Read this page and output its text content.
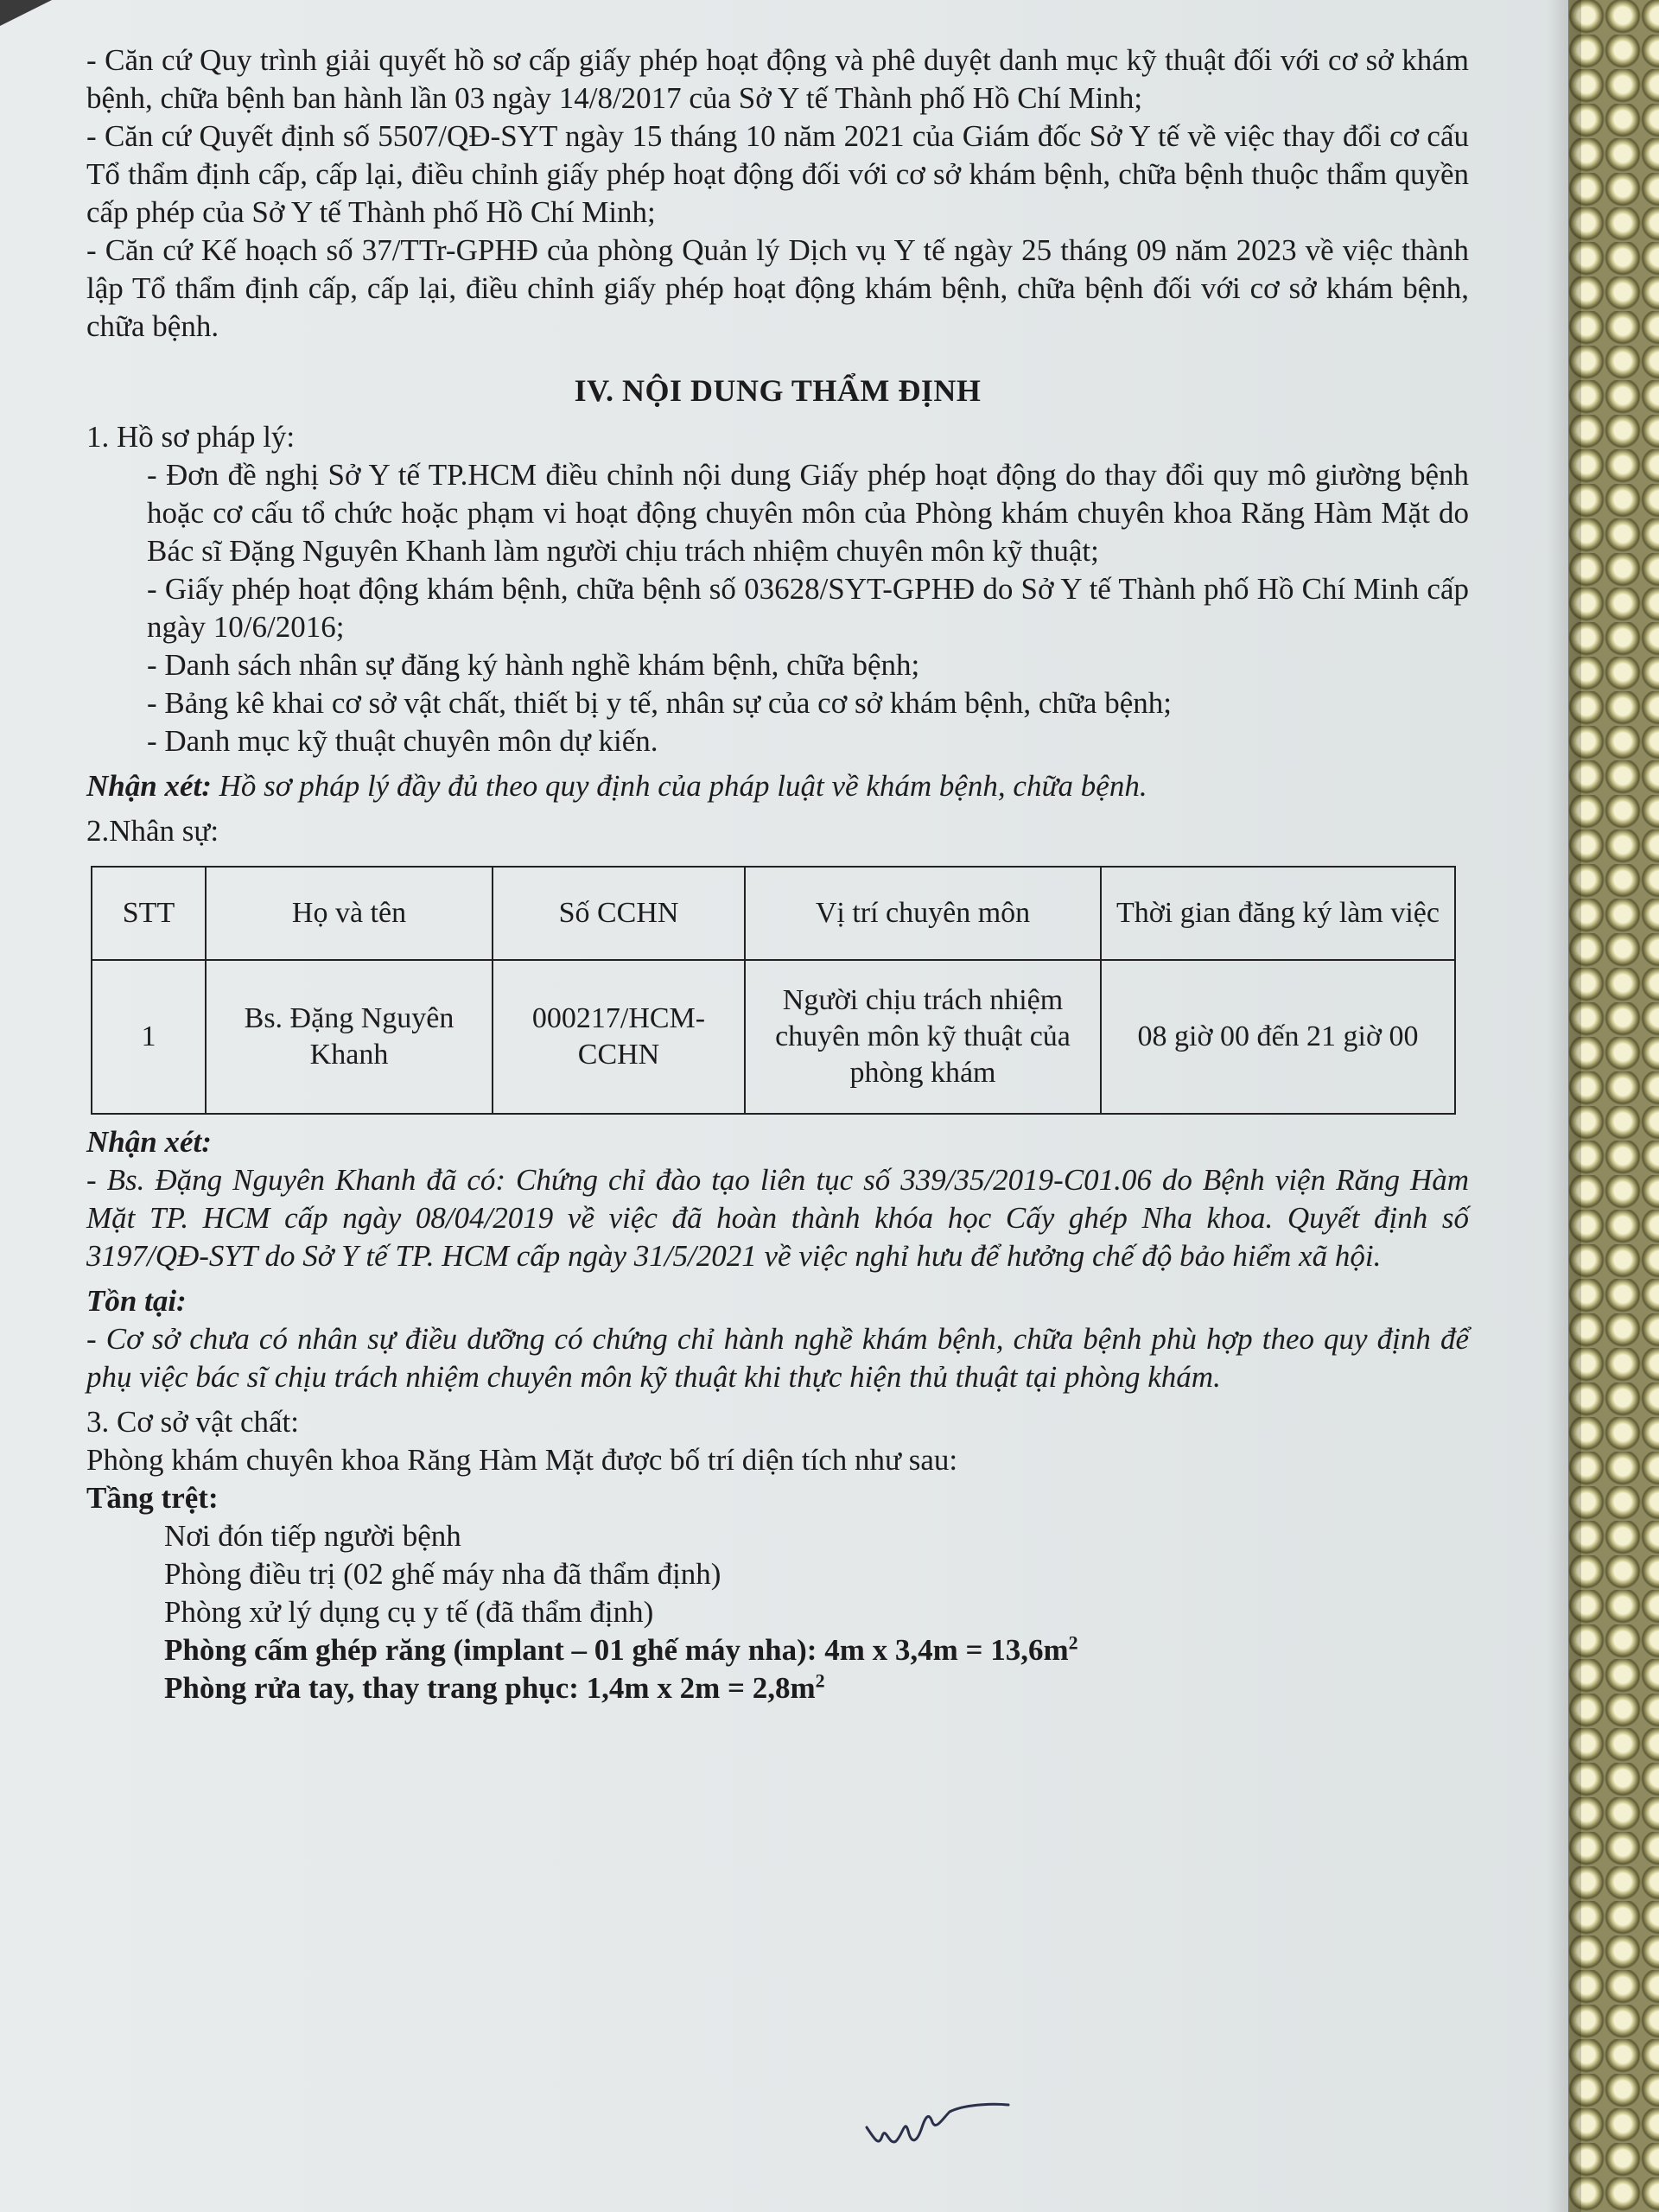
- Căn cứ Quy trình giải quyết hồ sơ cấp giấy phép hoạt động và phê duyệt danh mục kỹ thuật đối với cơ sở khám bệnh, chữa bệnh ban hành lần 03 ngày 14/8/2017 của Sở Y tế Thành phố Hồ Chí Minh;

- Căn cứ Quyết định số 5507/QĐ-SYT ngày 15 tháng 10 năm 2021 của Giám đốc Sở Y tế về việc thay đổi cơ cấu Tổ thẩm định cấp, cấp lại, điều chỉnh giấy phép hoạt động đối với cơ sở khám bệnh, chữa bệnh thuộc thẩm quyền cấp phép của Sở Y tế Thành phố Hồ Chí Minh;

- Căn cứ Kế hoạch số 37/TTr-GPHĐ của phòng Quản lý Dịch vụ Y tế ngày 25 tháng 09 năm 2023 về việc thành lập Tổ thẩm định cấp, cấp lại, điều chỉnh giấy phép hoạt động khám bệnh, chữa bệnh đối với cơ sở khám bệnh, chữa bệnh.

IV. NỘI DUNG THẨM ĐỊNH

1. Hồ sơ pháp lý:

- Đơn đề nghị Sở Y tế TP.HCM điều chỉnh nội dung Giấy phép hoạt động do thay đổi quy mô giường bệnh hoặc cơ cấu tổ chức hoặc phạm vi hoạt động chuyên môn của Phòng khám chuyên khoa Răng Hàm Mặt do Bác sĩ Đặng Nguyên Khanh làm người chịu trách nhiệm chuyên môn kỹ thuật;

- Giấy phép hoạt động khám bệnh, chữa bệnh số 03628/SYT-GPHĐ do Sở Y tế Thành phố Hồ Chí Minh cấp ngày 10/6/2016;

- Danh sách nhân sự đăng ký hành nghề khám bệnh, chữa bệnh;

- Bảng kê khai cơ sở vật chất, thiết bị y tế, nhân sự của cơ sở khám bệnh, chữa bệnh;

- Danh mục kỹ thuật chuyên môn dự kiến.

Nhận xét: Hồ sơ pháp lý đầy đủ theo quy định của pháp luật về khám bệnh, chữa bệnh.

2.Nhân sự:

STT	Họ và tên	Số CCHN	Vị trí chuyên môn	Thời gian đăng ký làm việc
1	Bs. Đặng Nguyên Khanh	000217/HCM-CCHN	Người chịu trách nhiệm chuyên môn kỹ thuật của phòng khám	08 giờ 00 đến 21 giờ 00

Nhận xét:

- Bs. Đặng Nguyên Khanh đã có: Chứng chỉ đào tạo liên tục số 339/35/2019-C01.06 do Bệnh viện Răng Hàm Mặt TP. HCM cấp ngày 08/04/2019 về việc đã hoàn thành khóa học Cấy ghép Nha khoa. Quyết định số 3197/QĐ-SYT do Sở Y tế TP. HCM cấp ngày 31/5/2021 về việc nghỉ hưu để hưởng chế độ bảo hiểm xã hội.

Tồn tại:

- Cơ sở chưa có nhân sự điều dưỡng có chứng chỉ hành nghề khám bệnh, chữa bệnh phù hợp theo quy định để phụ việc bác sĩ chịu trách nhiệm chuyên môn kỹ thuật khi thực hiện thủ thuật tại phòng khám.

3. Cơ sở vật chất:

Phòng khám chuyên khoa Răng Hàm Mặt được bố trí diện tích như sau:

Tầng trệt:

Nơi đón tiếp người bệnh

Phòng điều trị (02 ghế máy nha đã thẩm định)

Phòng xử lý dụng cụ y tế (đã thẩm định)

Phòng cấm ghép răng (implant – 01 ghế máy nha): 4m x $3,4m = 13,6m^2$

Phòng rửa tay, thay trang phục: 1,4m x $2m = 2,8m^2$
